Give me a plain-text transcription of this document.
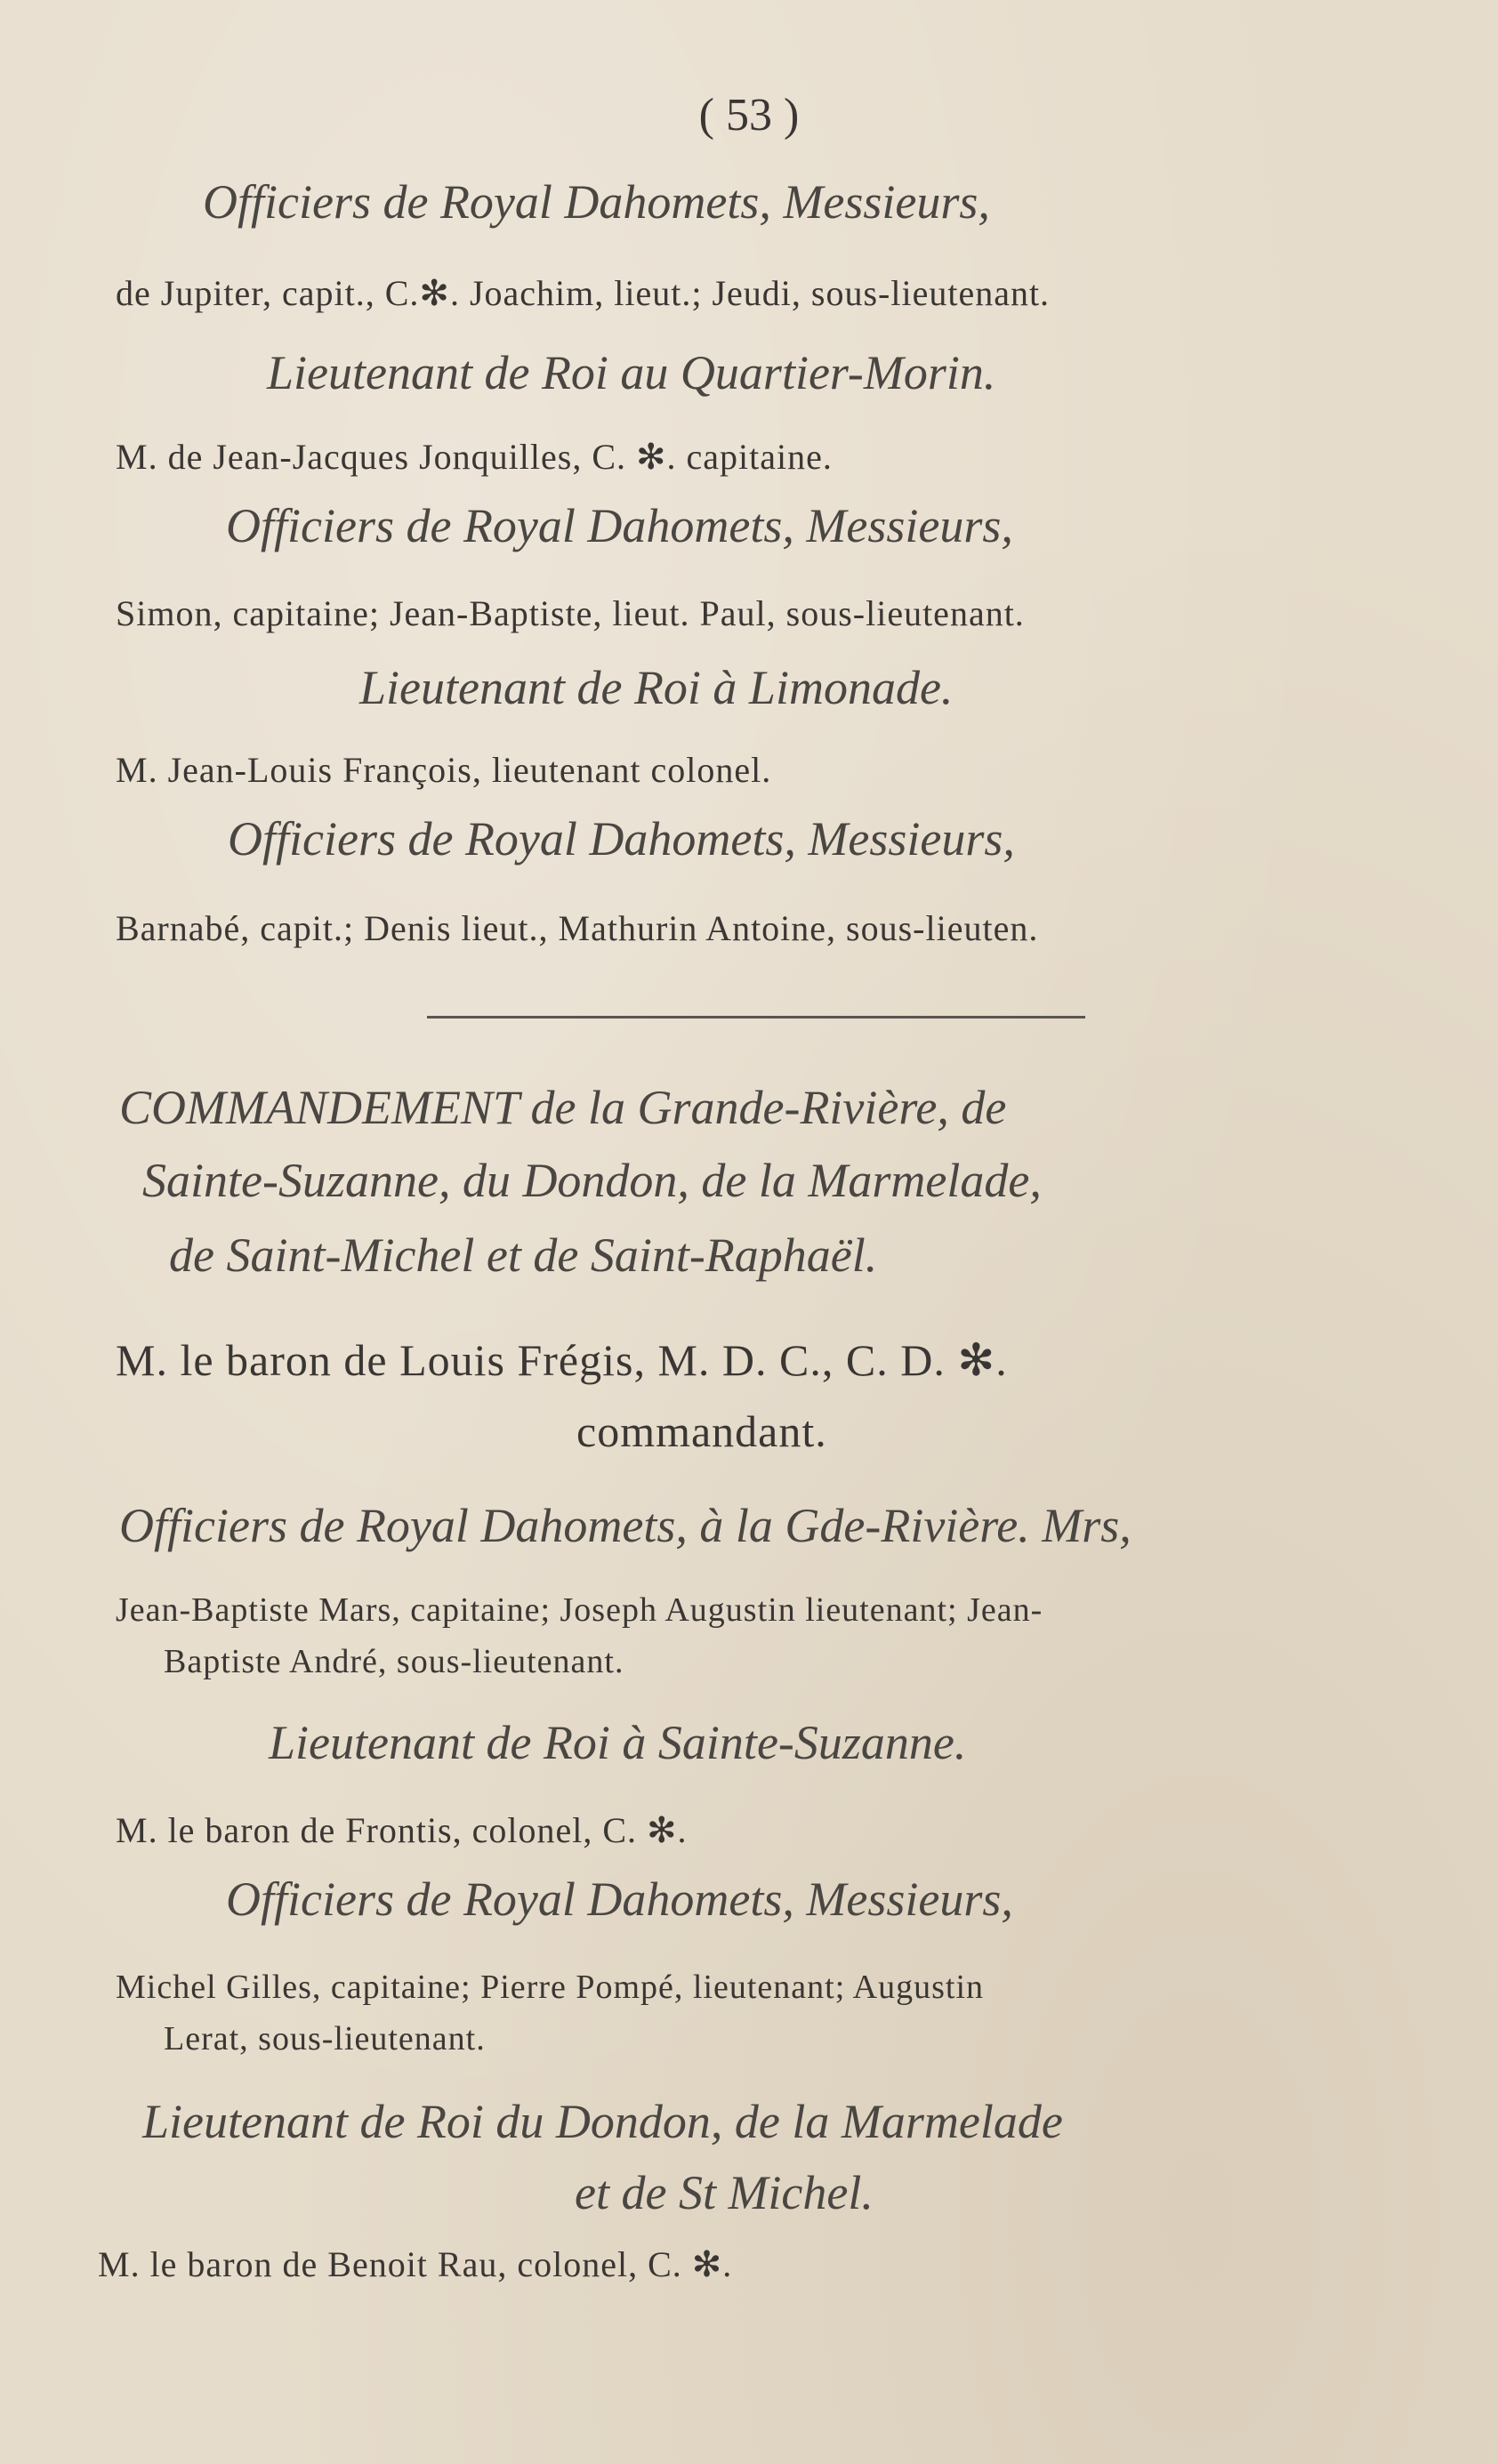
( 53 )
Officiers de Royal Dahomets, Messieurs,
de Jupiter, capit., C.✻. Joachim, lieut.; Jeudi, sous-lieutenant.
Lieutenant de Roi au Quartier-Morin.
M. de Jean-Jacques Jonquilles, C. ✻. capitaine.
Officiers de Royal Dahomets, Messieurs,
Simon, capitaine; Jean-Baptiste, lieut. Paul, sous-lieutenant.
Lieutenant de Roi à Limonade.
M. Jean-Louis François, lieutenant colonel.
Officiers de Royal Dahomets, Messieurs,
Barnabé, capit.; Denis lieut., Mathurin Antoine, sous-lieuten.
COMMANDEMENT de la Grande-Rivière, de
Sainte-Suzanne, du Dondon, de la Marmelade,
de Saint-Michel et de Saint-Raphaël.
M. le baron de Louis Frégis, M. D. C., C. D. ✻.
commandant.
Officiers de Royal Dahomets, à la Gde-Rivière. Mrs,
Jean-Baptiste Mars, capitaine; Joseph Augustin lieutenant; Jean-
Baptiste André, sous-lieutenant.
Lieutenant de Roi à Sainte-Suzanne.
M. le baron de Frontis, colonel, C. ✻.
Officiers de Royal Dahomets, Messieurs,
Michel Gilles, capitaine; Pierre Pompé, lieutenant; Augustin
Lerat, sous-lieutenant.
Lieutenant de Roi du Dondon, de la Marmelade
et de St Michel.
M. le baron de Benoit Rau, colonel, C. ✻.
